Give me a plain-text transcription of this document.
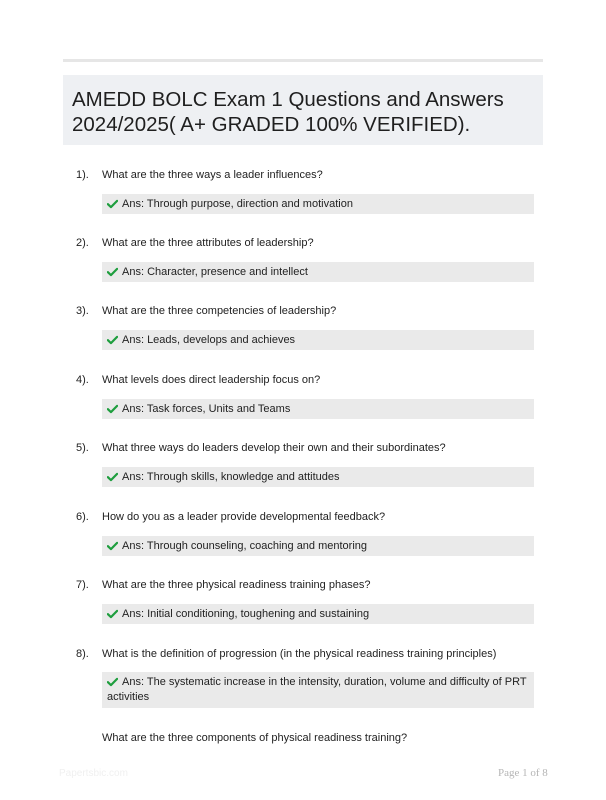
AMEDD BOLC Exam 1 Questions and Answers
2024/2025( A+ GRADED 100% VERIFIED).
1). What are the three ways a leader influences?
Ans: Through purpose, direction and motivation
2). What are the three attributes of leadership?
Ans: Character, presence and intellect
3). What are the three competencies of leadership?
Ans: Leads, develops and achieves
4). What levels does direct leadership focus on?
Ans: Task forces, Units and Teams
5). What three ways do leaders develop their own and their subordinates?
Ans: Through skills, knowledge and attitudes
6). How do you as a leader provide developmental feedback?
Ans: Through counseling, coaching and mentoring
7). What are the three physical readiness training phases?
Ans: Initial conditioning, toughening and sustaining
8). What is the definition of progression (in the physical readiness training principles)
Ans: The systematic increase in the intensity, duration, volume and difficulty of PRT activities
What are the three components of physical readiness training?
Papertsbic.com	Page 1 of 8
